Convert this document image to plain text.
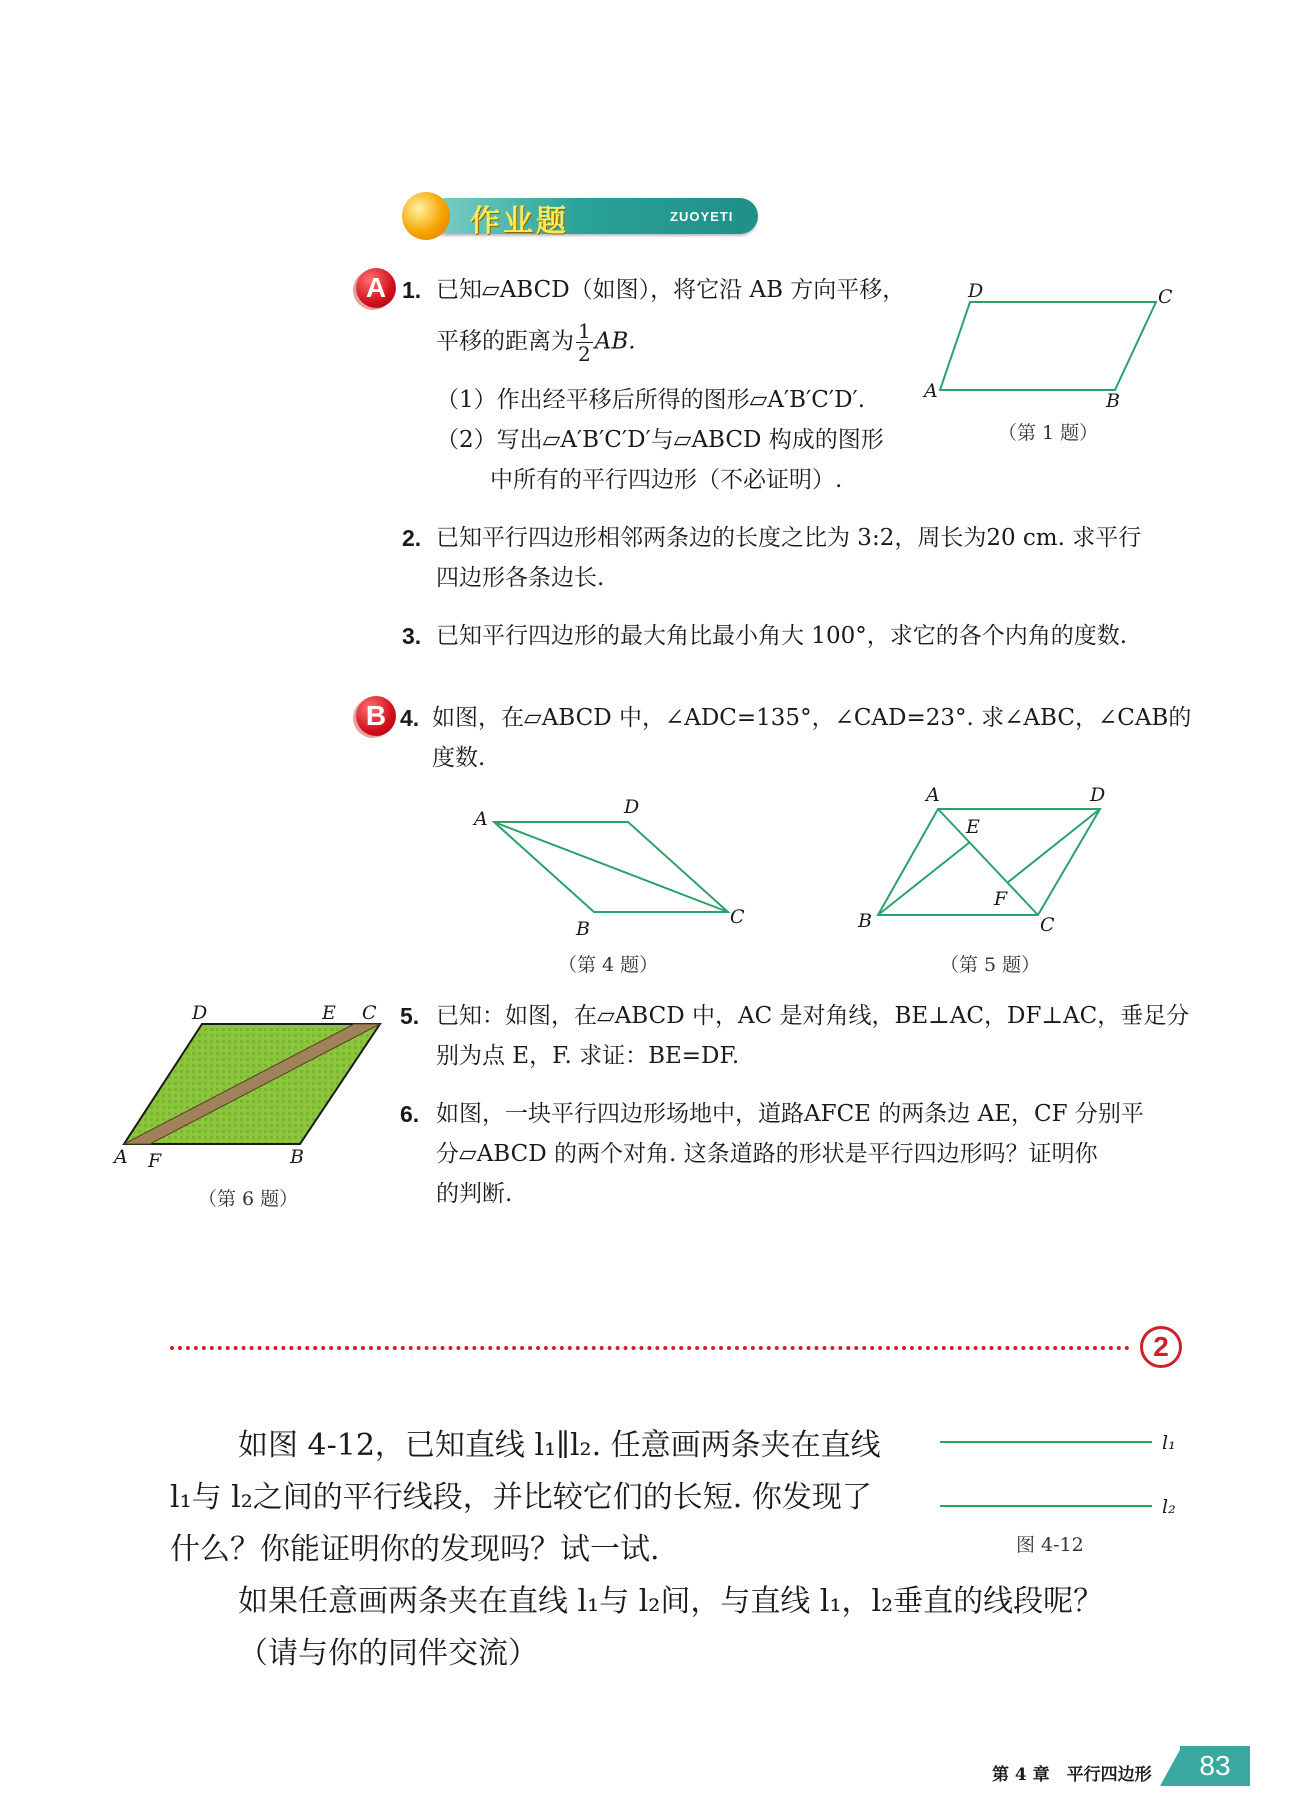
作业题	ZUOYETI
A 1. 已知▱ABCD（如图），将它沿 AB 方向平移，
平移的距离为 $\frac{1}{2}$ AB.
（1）作出经平移后所得的图形▱A′B′C′D′.
（2）写出▱A′B′C′D′与▱ABCD 构成的图形
中所有的平行四边形（不必证明）.
D	C
A	B
（第 1 题）
2. 已知平行四边形相邻两条边的长度之比为 3:2，周长为20 cm. 求平行
四边形各条边长.
3. 已知平行四边形的最大角比最小角大 100°，求它的各个内角的度数.
B 4. 如图，在▱ABCD 中，∠ADC=135°，∠CAD=23°. 求∠ABC，∠CAB的
度数.
A
D
B
C
（第 4 题）
A	D
E
F
B	C
（第 5 题）
5. 已知：如图，在▱ABCD 中，AC 是对角线，BE⊥AC，DF⊥AC，垂足分
别为点 E，F. 求证：BE=DF.
D	E C
A F	B
（第 6 题）
6. 如图，一块平行四边形场地中，道路AFCE 的两条边 AE，CF 分别平
分▱ABCD 的两个对角. 这条道路的形状是平行四边形吗？证明你
的判断.
2
如图 4-12，已知直线 l₁∥l₂. 任意画两条夹在直线
l₁与 l₂之间的平行线段，并比较它们的长短. 你发现了
什么？你能证明你的发现吗？试一试.
如果任意画两条夹在直线 l₁与 l₂间，与直线 l₁，l₂垂直的线段呢？
（请与你的同伴交流）
l₁
l₂
图 4-12
第 4 章　平行四边形	83
